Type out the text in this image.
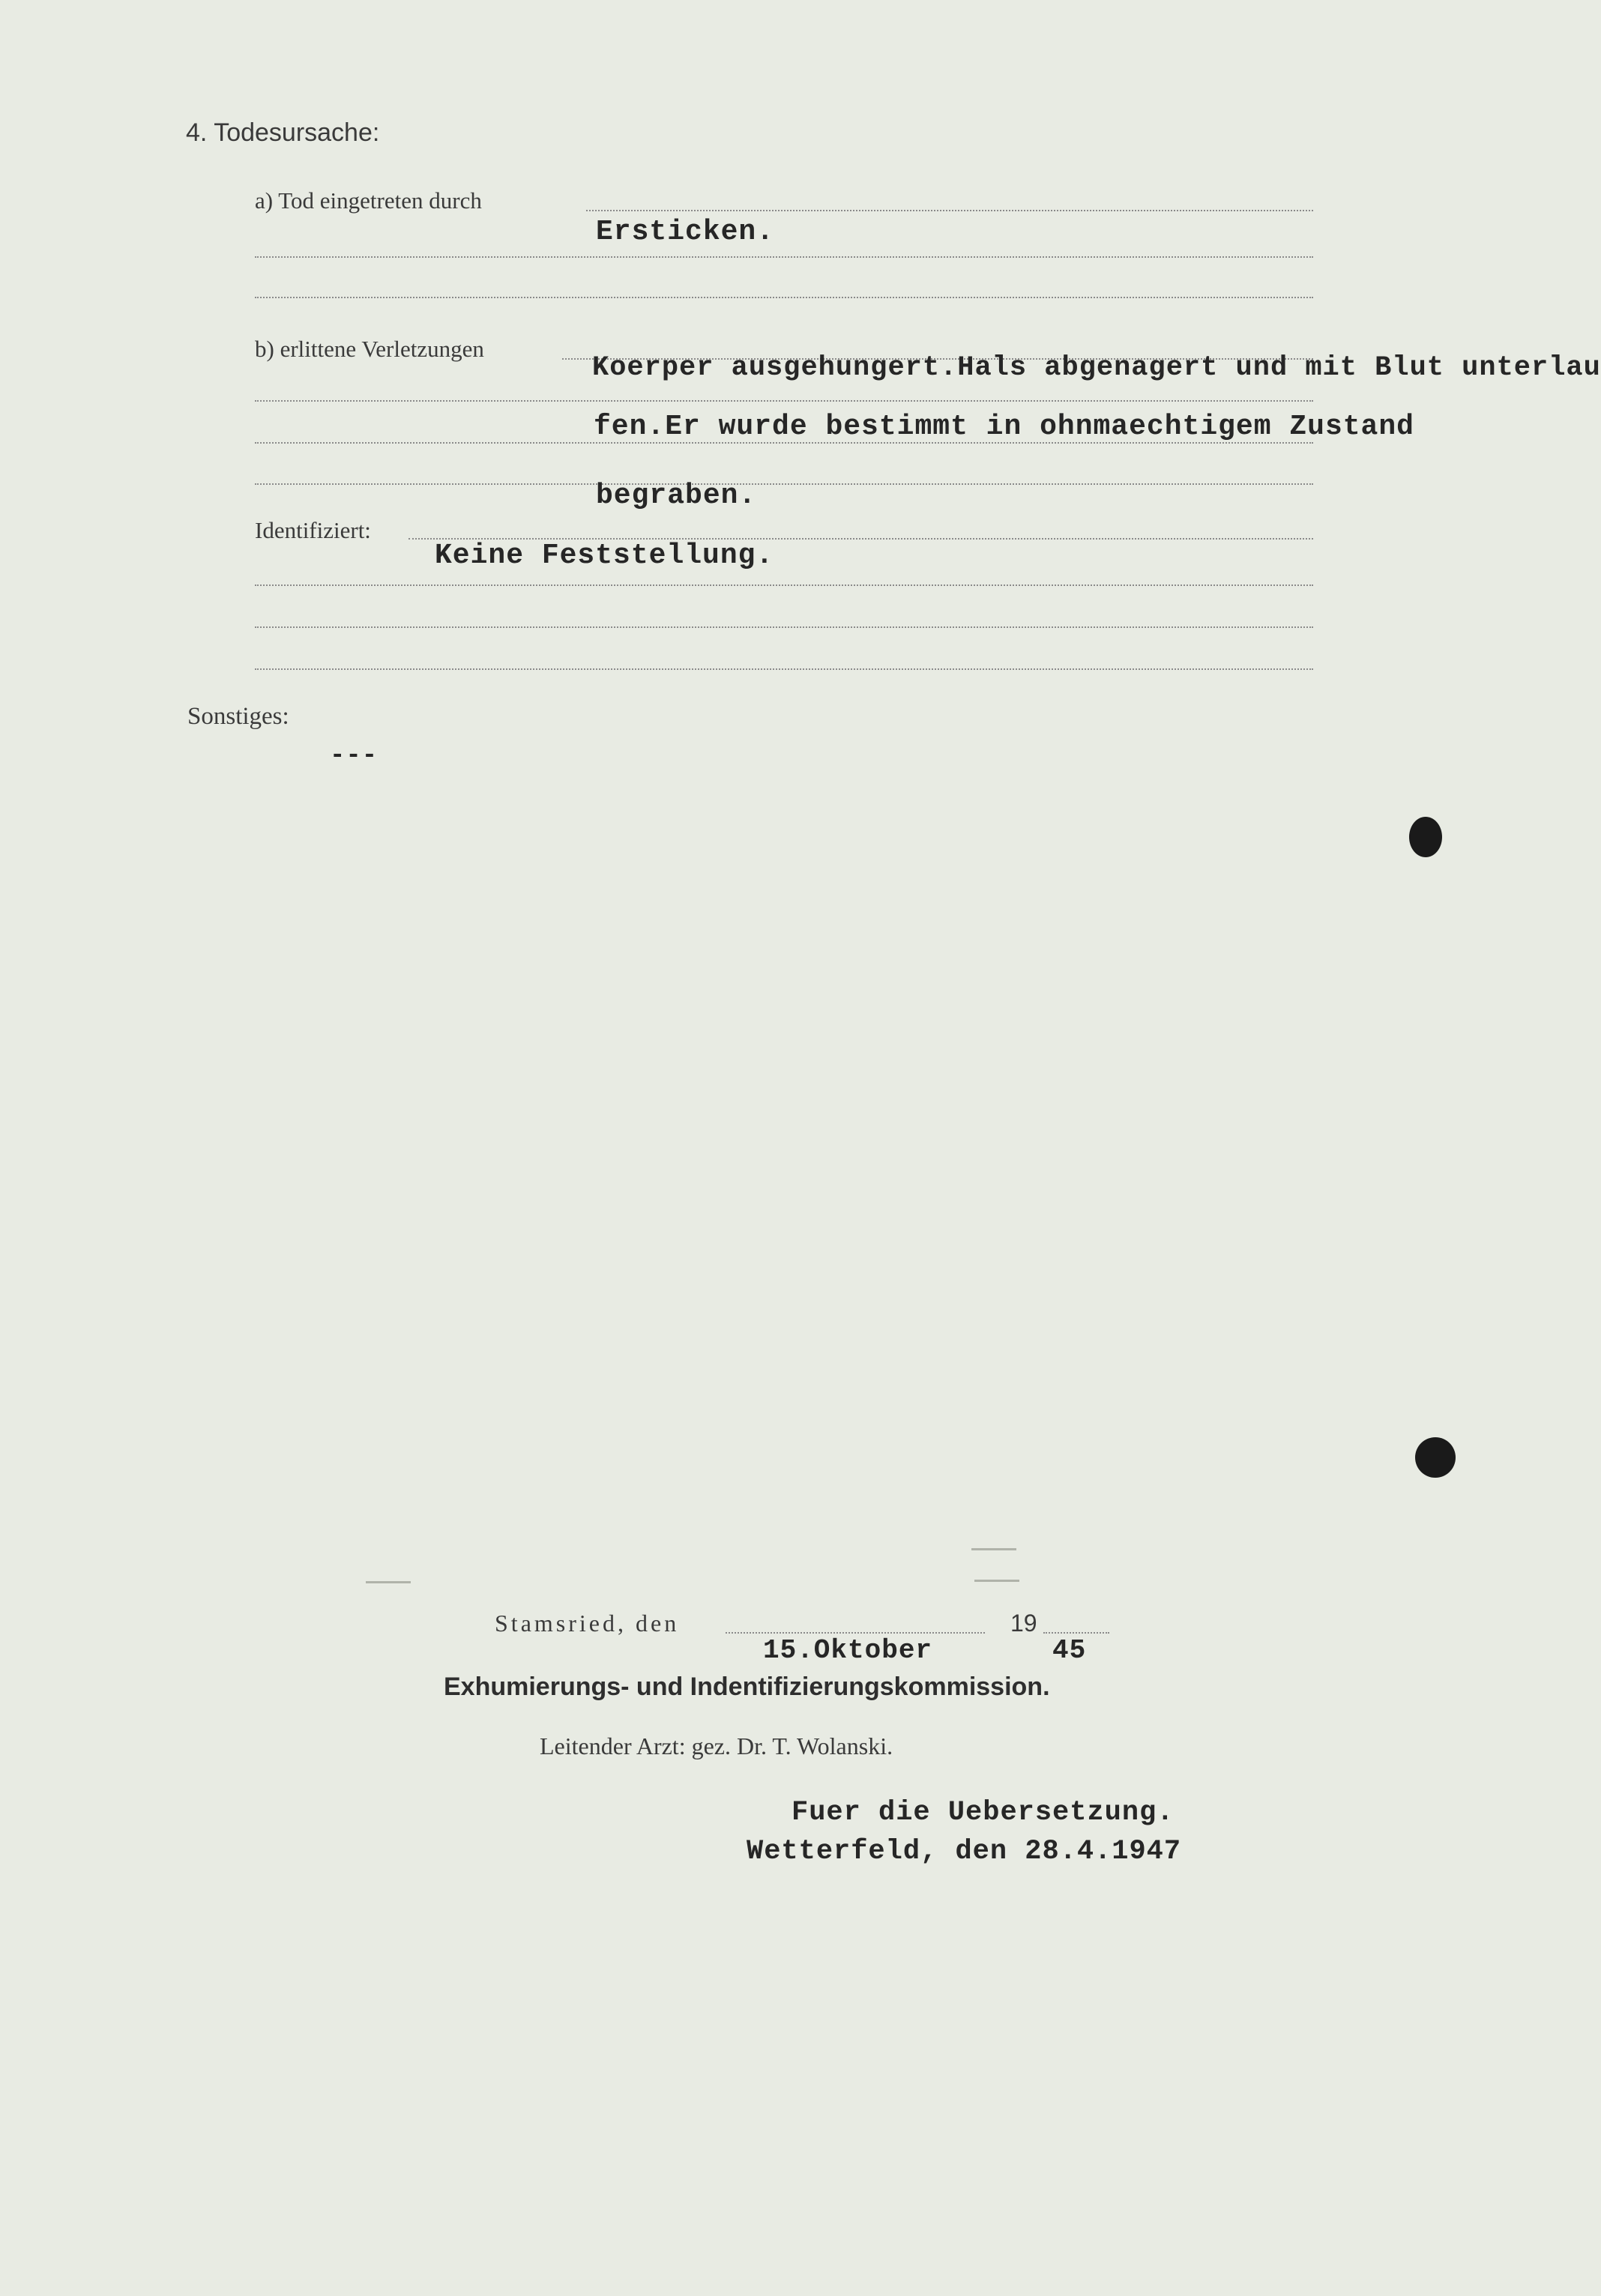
4. Todesursache:
a) Tod eingetreten durch
Ersticken.
b) erlittene Verletzungen
Koerper ausgehungert.Hals abgenagert und mit Blut unterlau
fen.Er wurde bestimmt in ohnmaechtigem Zustand
begraben.
Identifiziert:
Keine Feststellung.
Sonstiges:
---
Stamsried, den	19
15.Oktober	45
Exhumierungs- und Indentifizierungskommission.
Leitender Arzt: gez. Dr. T. Wolanski.
Fuer die Uebersetzung.
Wetterfeld, den 28.4.1947
